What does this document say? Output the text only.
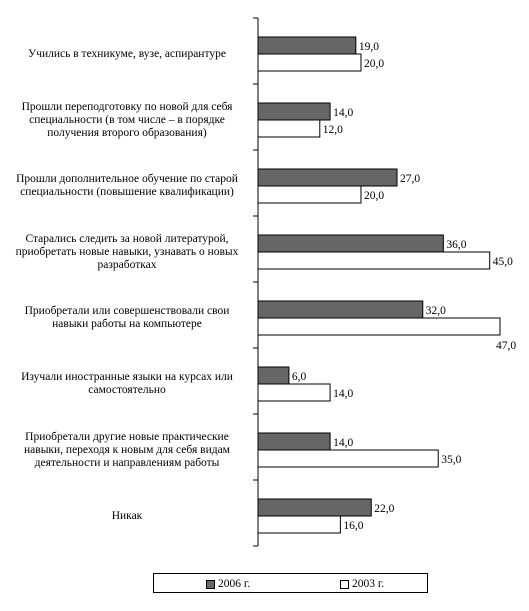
19,0
20,0
14,0
12,0
27,0
20,0
36,0
45,0
32,0
47,0
6,0
14,0
14,0
35,0
22,0
16,0
Учились в техникуме, вузе, аспирантуре
Прошли переподготовку по новой для себя
специальности (в том числе – в порядке
получения второго образования)
Прошли дополнительное обучение по старой
специальности (повышение квалификации)
Старались следить за новой литературой,
приобретать новые навыки, узнавать о новых
разработках
Приобретали или совершенствовали свои
навыки работы на компьютере
Изучали иностранные языки на курсах или
самостоятельно
Приобретали другие новые практические
навыки, переходя к новым для себя видам
деятельности и направлениям работы
Никак
2006 г.	2003 г.
